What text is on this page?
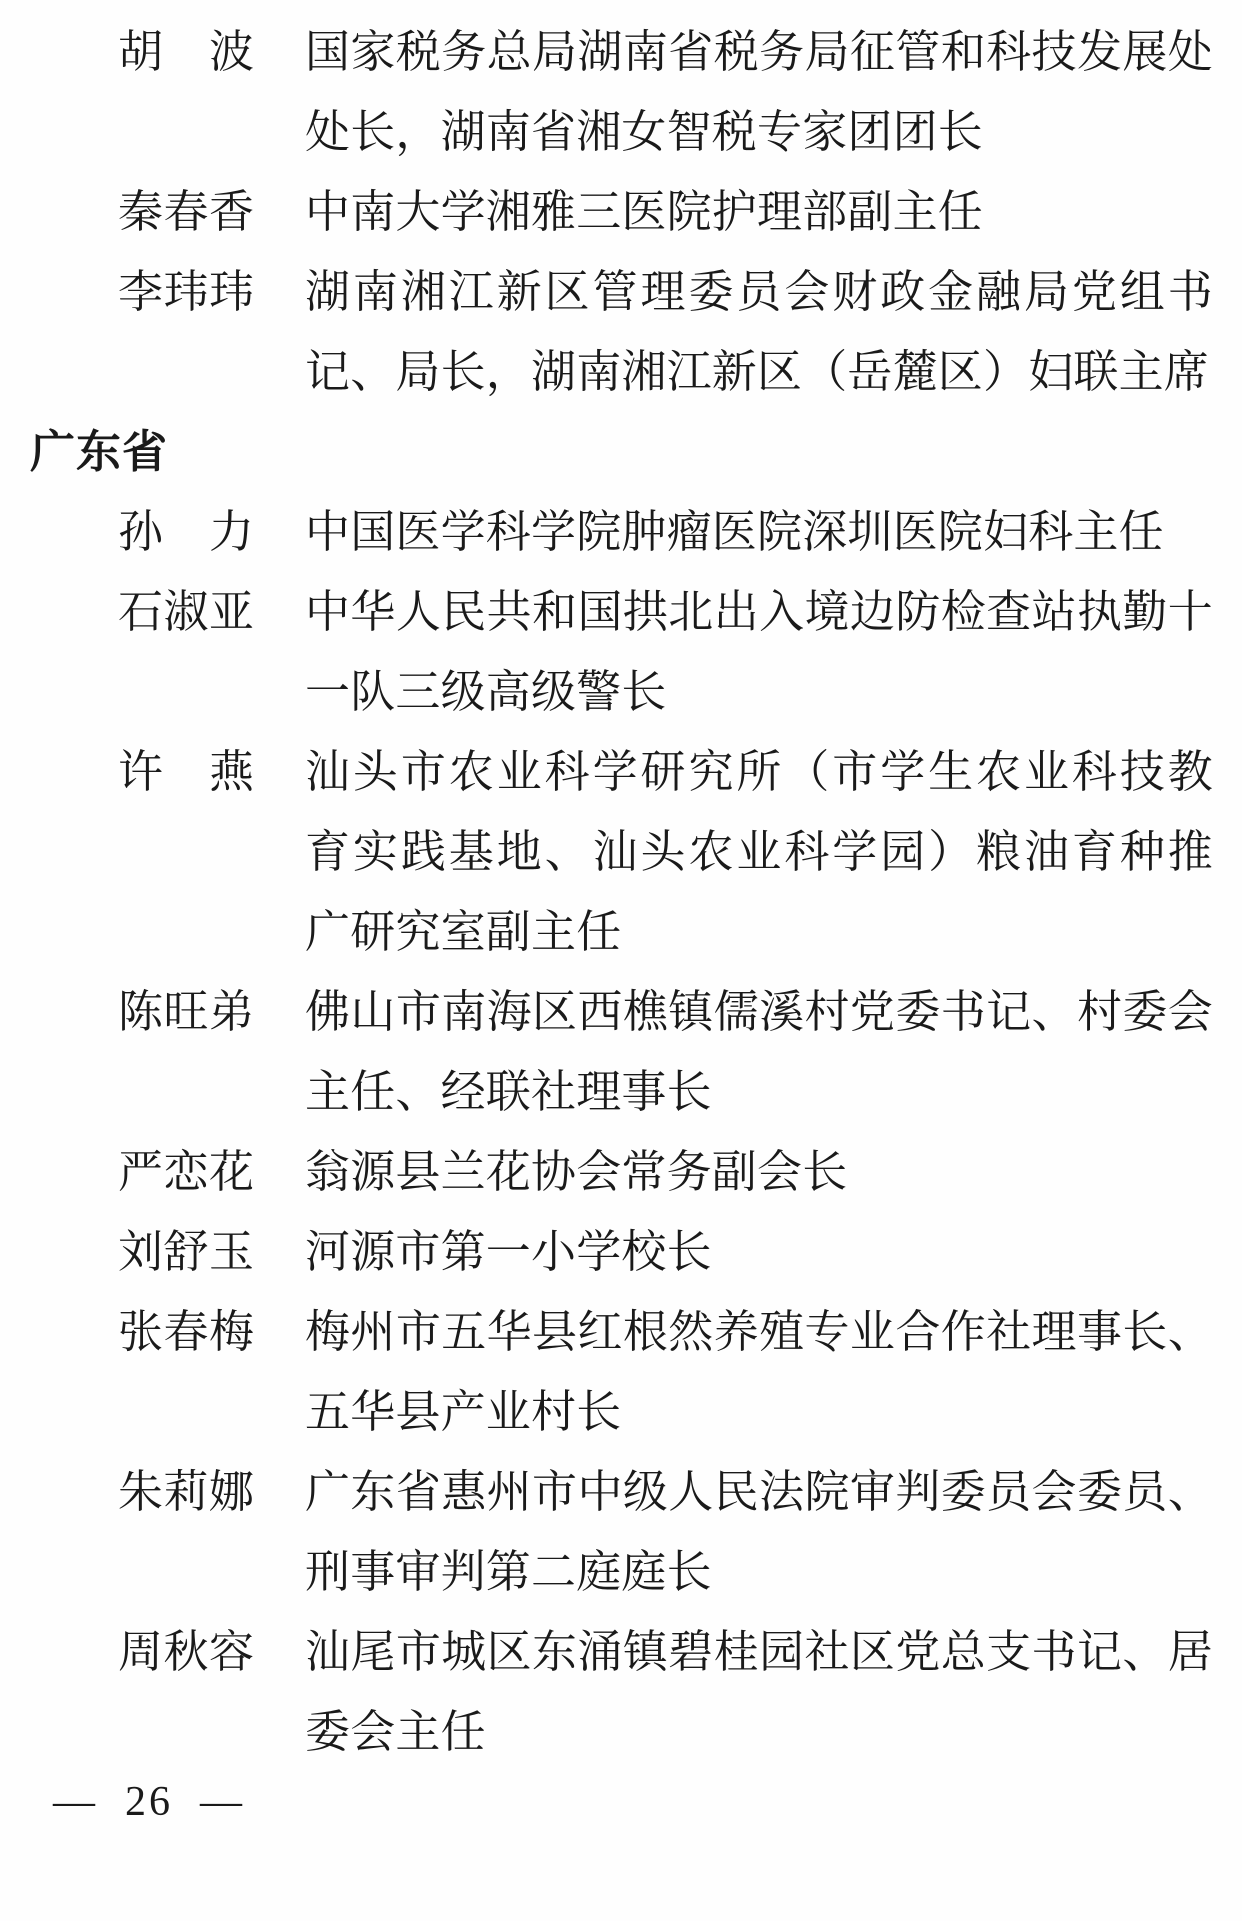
胡　波 国家税务总局湖南省税务局征管和科技发展处
处长，湖南省湘女智税专家团团长
秦春香 中南大学湘雅三医院护理部副主任
李玮玮 湖南湘江新区管理委员会财政金融局党组书
记、局长，湖南湘江新区（岳麓区）妇联主席
广东省
孙　力 中国医学科学院肿瘤医院深圳医院妇科主任
石淑亚 中华人民共和国拱北出入境边防检查站执勤十
一队三级高级警长
许　燕 汕头市农业科学研究所（市学生农业科技教
育实践基地、汕头农业科学园）粮油育种推
广研究室副主任
陈旺弟 佛山市南海区西樵镇儒溪村党委书记、村委会
主任、经联社理事长
严恋花 翁源县兰花协会常务副会长
刘舒玉 河源市第一小学校长
张春梅 梅州市五华县红根然养殖专业合作社理事长、
五华县产业村长
朱莉娜 广东省惠州市中级人民法院审判委员会委员、
刑事审判第二庭庭长
周秋容 汕尾市城区东涌镇碧桂园社区党总支书记、居
委会主任
—  26  —
